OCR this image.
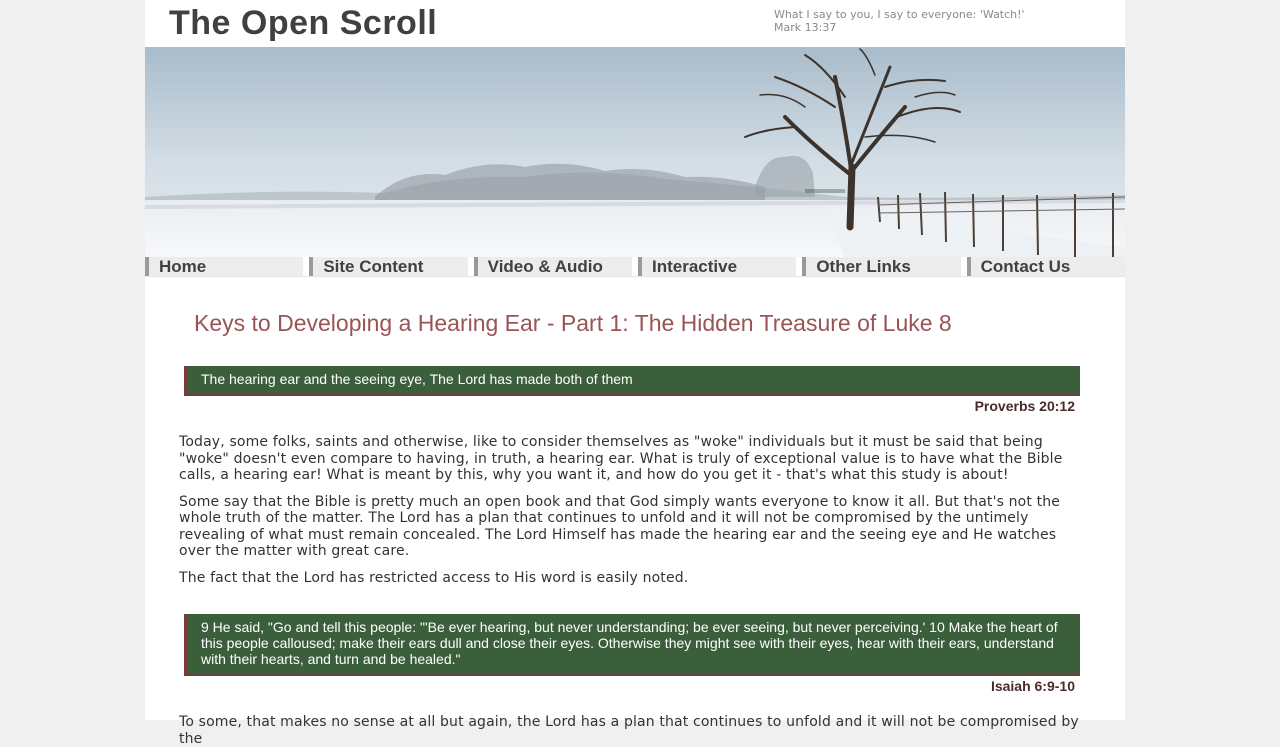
The Open Scroll	What I say to you, I say to everyone: 'Watch!'
Mark 13:37
Home	Site Content	Video & Audio	Interactive	Other Links	Contact Us
Keys to Developing a Hearing Ear - Part 1: The Hidden Treasure of Luke 8
The hearing ear and the seeing eye, The Lord has made both of them
Proverbs 20:12

Today, some folks, saints and otherwise, like to consider themselves as "woke" individuals but it must be said that being "woke" doesn't even compare to having, in truth, a hearing ear. What is truly of exceptional value is to have what the Bible calls, a hearing ear! What is meant by this, why you want it, and how do you get it - that's what this study is about!

Some say that the Bible is pretty much an open book and that God simply wants everyone to know it all. But that's not the whole truth of the matter. The Lord has a plan that continues to unfold and it will not be compromised by the untimely revealing of what must remain concealed. The Lord Himself has made the hearing ear and the seeing eye and He watches over the matter with great care.

The fact that the Lord has restricted access to His word is easily noted.

9 He said, "Go and tell this people: "'Be ever hearing, but never understanding; be ever seeing, but never perceiving.' 10 Make the heart of this people calloused; make their ears dull and close their eyes. Otherwise they might see with their eyes, hear with their ears, understand with their hearts, and turn and be healed."
Isaiah 6:9-10

To some, that makes no sense at all but again, the Lord has a plan that continues to unfold and it will not be compromised by the
